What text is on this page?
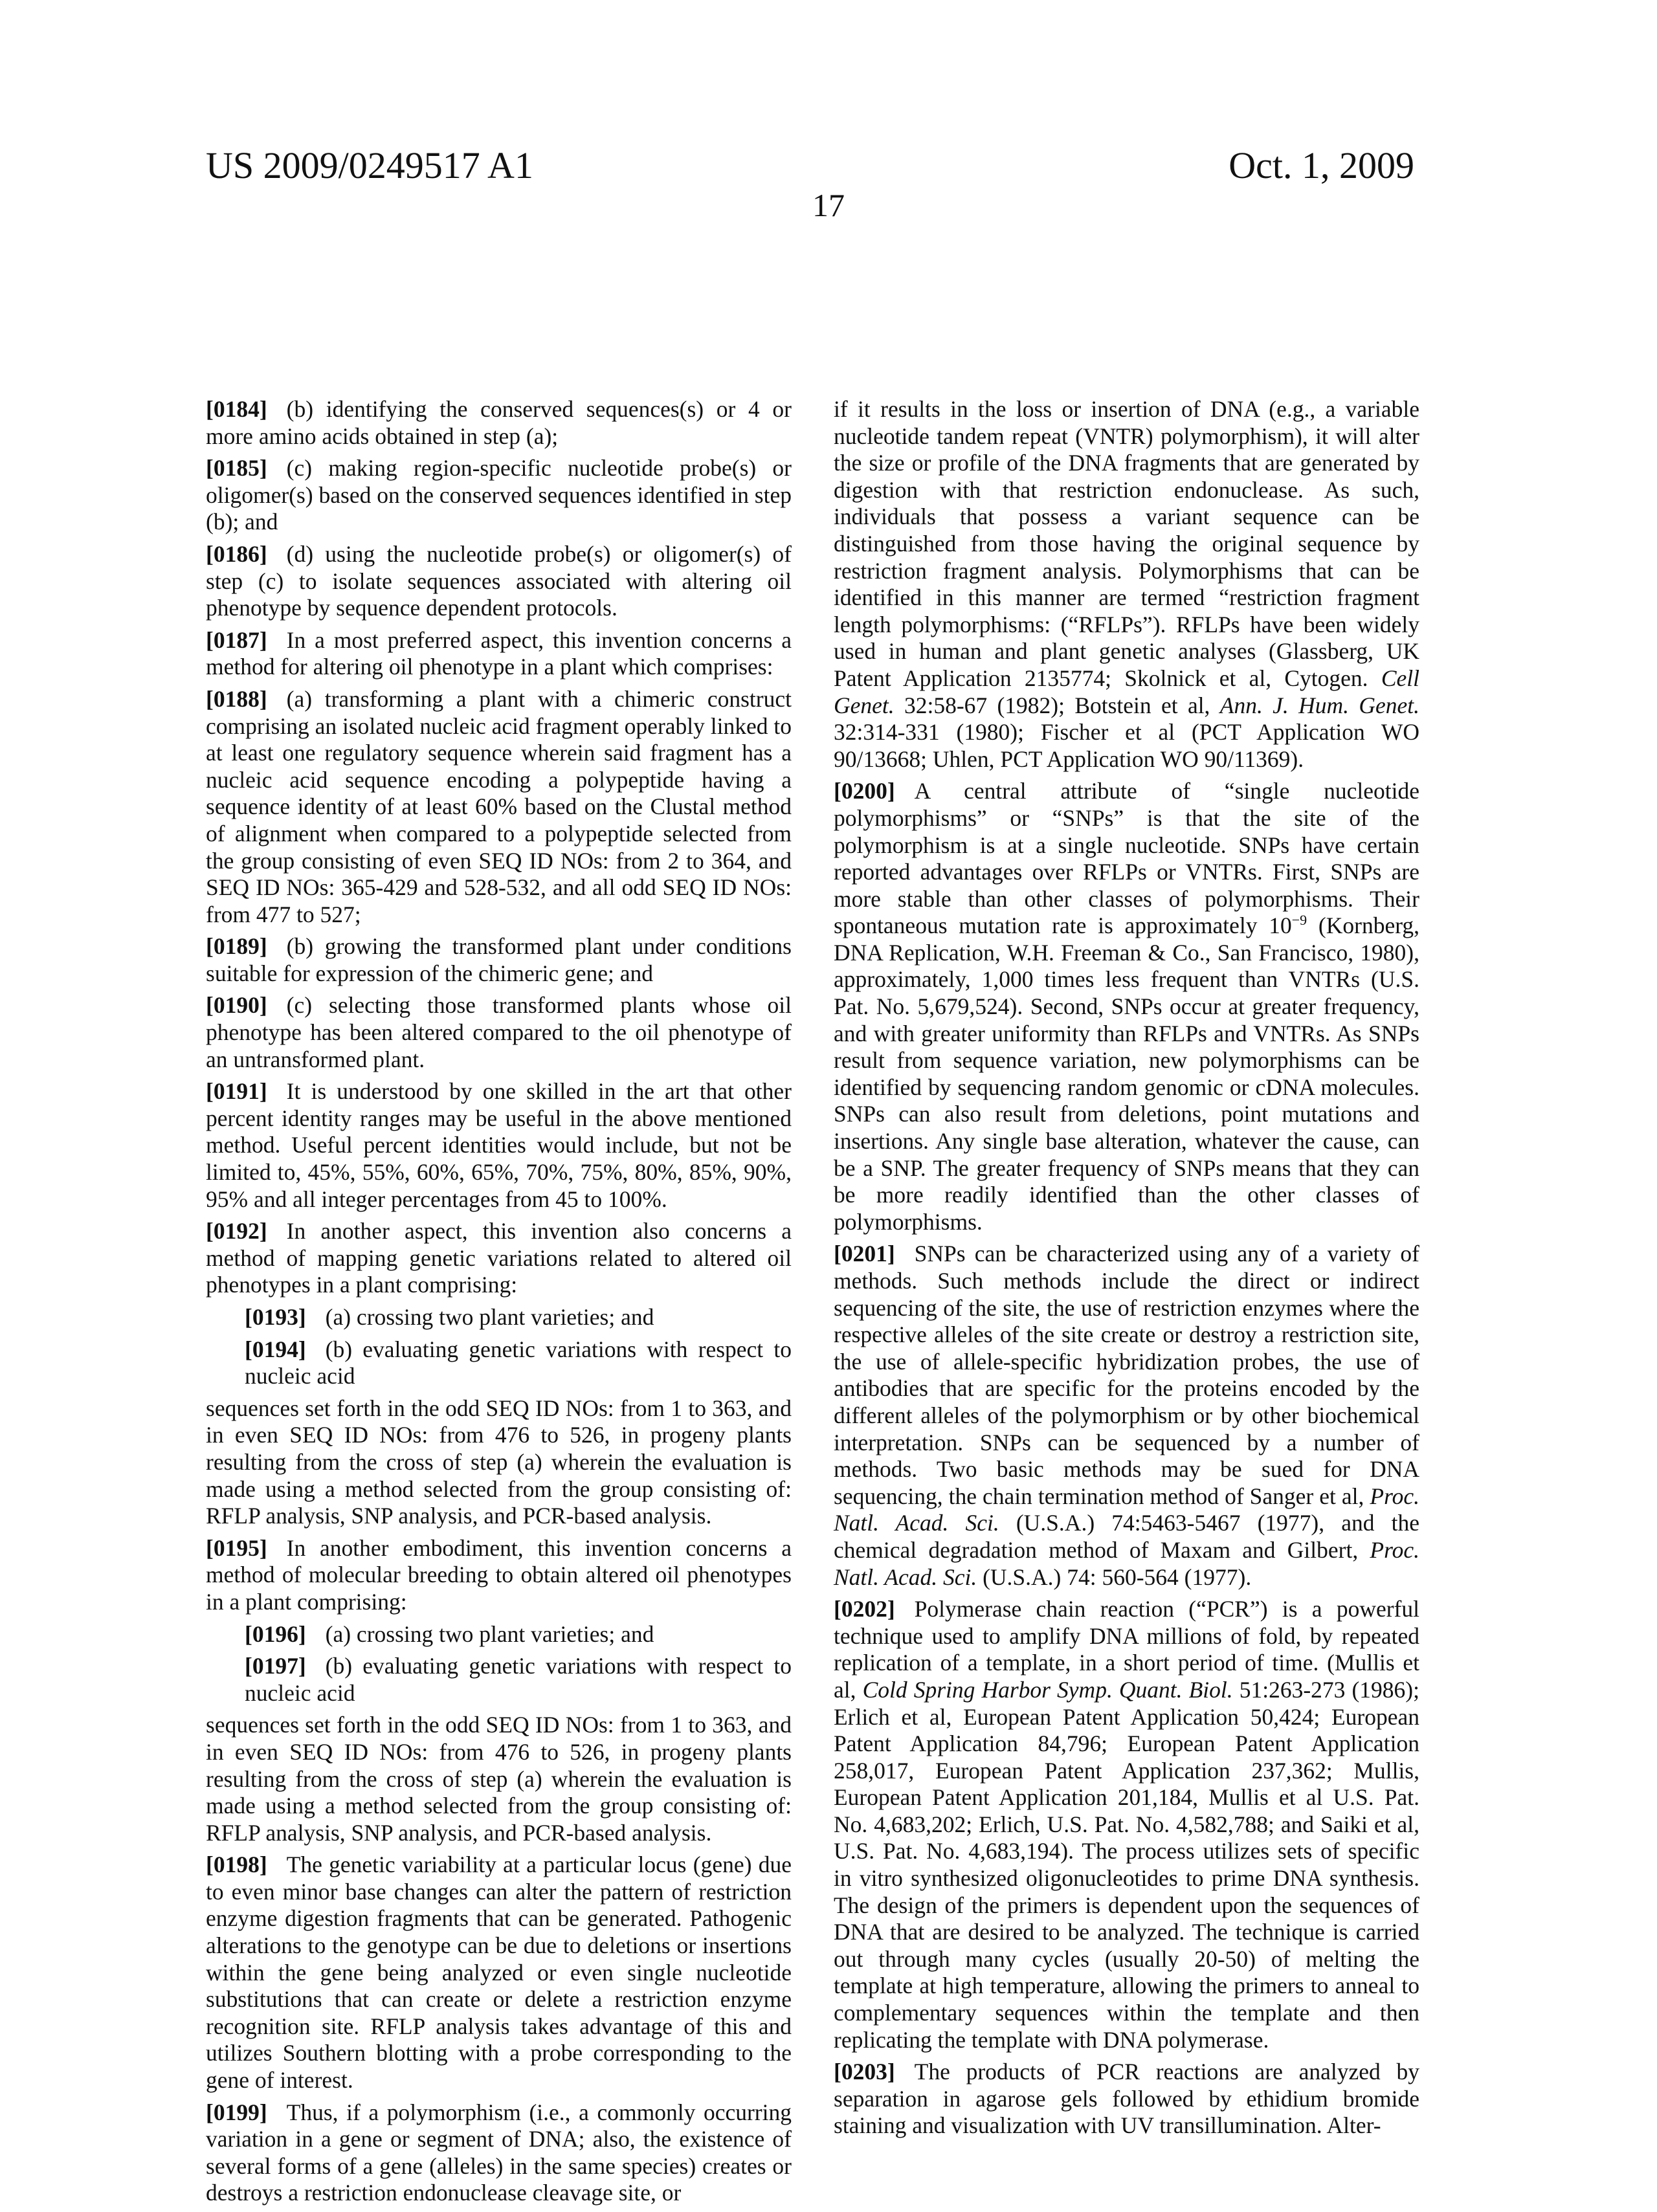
US 2009/0249517 A1	Oct. 1, 2009
17

[0184] (b) identifying the conserved sequences(s) or 4 or more amino acids obtained in step (a);

[0185] (c) making region-specific nucleotide probe(s) or oligomer(s) based on the conserved sequences identified in step (b); and

[0186] (d) using the nucleotide probe(s) or oligomer(s) of step (c) to isolate sequences associated with altering oil phenotype by sequence dependent protocols.

[0187] In a most preferred aspect, this invention concerns a method for altering oil phenotype in a plant which comprises:

[0188] (a) transforming a plant with a chimeric construct comprising an isolated nucleic acid fragment operably linked to at least one regulatory sequence wherein said fragment has a nucleic acid sequence encoding a polypeptide having a sequence identity of at least 60% based on the Clustal method of alignment when compared to a polypeptide selected from the group consisting of even SEQ ID NOs: from 2 to 364, and SEQ ID NOs: 365-429 and 528-532, and all odd SEQ ID NOs: from 477 to 527;

[0189] (b) growing the transformed plant under conditions suitable for expression of the chimeric gene; and

[0190] (c) selecting those transformed plants whose oil phenotype has been altered compared to the oil phenotype of an untransformed plant.

[0191] It is understood by one skilled in the art that other percent identity ranges may be useful in the above mentioned method. Useful percent identities would include, but not be limited to, 45%, 55%, 60%, 65%, 70%, 75%, 80%, 85%, 90%, 95% and all integer percentages from 45 to 100%.

[0192] In another aspect, this invention also concerns a method of mapping genetic variations related to altered oil phenotypes in a plant comprising:

[0193] (a) crossing two plant varieties; and

[0194] (b) evaluating genetic variations with respect to nucleic acid

sequences set forth in the odd SEQ ID NOs: from 1 to 363, and in even SEQ ID NOs: from 476 to 526, in progeny plants resulting from the cross of step (a) wherein the evaluation is made using a method selected from the group consisting of: RFLP analysis, SNP analysis, and PCR-based analysis.

[0195] In another embodiment, this invention concerns a method of molecular breeding to obtain altered oil phenotypes in a plant comprising:

[0196] (a) crossing two plant varieties; and

[0197] (b) evaluating genetic variations with respect to nucleic acid

sequences set forth in the odd SEQ ID NOs: from 1 to 363, and in even SEQ ID NOs: from 476 to 526, in progeny plants resulting from the cross of step (a) wherein the evaluation is made using a method selected from the group consisting of: RFLP analysis, SNP analysis, and PCR-based analysis.

[0198] The genetic variability at a particular locus (gene) due to even minor base changes can alter the pattern of restriction enzyme digestion fragments that can be generated. Pathogenic alterations to the genotype can be due to deletions or insertions within the gene being analyzed or even single nucleotide substitutions that can create or delete a restriction enzyme recognition site. RFLP analysis takes advantage of this and utilizes Southern blotting with a probe corresponding to the gene of interest.

[0199] Thus, if a polymorphism (i.e., a commonly occurring variation in a gene or segment of DNA; also, the existence of several forms of a gene (alleles) in the same species) creates or destroys a restriction endonuclease cleavage site, or

if it results in the loss or insertion of DNA (e.g., a variable nucleotide tandem repeat (VNTR) polymorphism), it will alter the size or profile of the DNA fragments that are generated by digestion with that restriction endonuclease. As such, individuals that possess a variant sequence can be distinguished from those having the original sequence by restriction fragment analysis. Polymorphisms that can be identified in this manner are termed “restriction fragment length polymorphisms: (“RFLPs”). RFLPs have been widely used in human and plant genetic analyses (Glassberg, UK Patent Application 2135774; Skolnick et al, Cytogen. Cell Genet. 32:58-67 (1982); Botstein et al, Ann. J. Hum. Genet. 32:314-331 (1980); Fischer et al (PCT Application WO 90/13668; Uhlen, PCT Application WO 90/11369).

[0200] A central attribute of “single nucleotide polymorphisms” or “SNPs” is that the site of the polymorphism is at a single nucleotide. SNPs have certain reported advantages over RFLPs or VNTRs. First, SNPs are more stable than other classes of polymorphisms. Their spontaneous mutation rate is approximately 10−9 (Kornberg, DNA Replication, W.H. Freeman & Co., San Francisco, 1980), approximately, 1,000 times less frequent than VNTRs (U.S. Pat. No. 5,679,524). Second, SNPs occur at greater frequency, and with greater uniformity than RFLPs and VNTRs. As SNPs result from sequence variation, new polymorphisms can be identified by sequencing random genomic or cDNA molecules. SNPs can also result from deletions, point mutations and insertions. Any single base alteration, whatever the cause, can be a SNP. The greater frequency of SNPs means that they can be more readily identified than the other classes of polymorphisms.

[0201] SNPs can be characterized using any of a variety of methods. Such methods include the direct or indirect sequencing of the site, the use of restriction enzymes where the respective alleles of the site create or destroy a restriction site, the use of allele-specific hybridization probes, the use of antibodies that are specific for the proteins encoded by the different alleles of the polymorphism or by other biochemical interpretation. SNPs can be sequenced by a number of methods. Two basic methods may be sued for DNA sequencing, the chain termination method of Sanger et al, Proc. Natl. Acad. Sci. (U.S.A.) 74:5463-5467 (1977), and the chemical degradation method of Maxam and Gilbert, Proc. Natl. Acad. Sci. (U.S.A.) 74: 560-564 (1977).

[0202] Polymerase chain reaction (“PCR”) is a powerful technique used to amplify DNA millions of fold, by repeated replication of a template, in a short period of time. (Mullis et al, Cold Spring Harbor Symp. Quant. Biol. 51:263-273 (1986); Erlich et al, European Patent Application 50,424; European Patent Application 84,796; European Patent Application 258,017, European Patent Application 237,362; Mullis, European Patent Application 201,184, Mullis et al U.S. Pat. No. 4,683,202; Erlich, U.S. Pat. No. 4,582,788; and Saiki et al, U.S. Pat. No. 4,683,194). The process utilizes sets of specific in vitro synthesized oligonucleotides to prime DNA synthesis. The design of the primers is dependent upon the sequences of DNA that are desired to be analyzed. The technique is carried out through many cycles (usually 20-50) of melting the template at high temperature, allowing the primers to anneal to complementary sequences within the template and then replicating the template with DNA polymerase.

[0203] The products of PCR reactions are analyzed by separation in agarose gels followed by ethidium bromide staining and visualization with UV transillumination. Alter-
